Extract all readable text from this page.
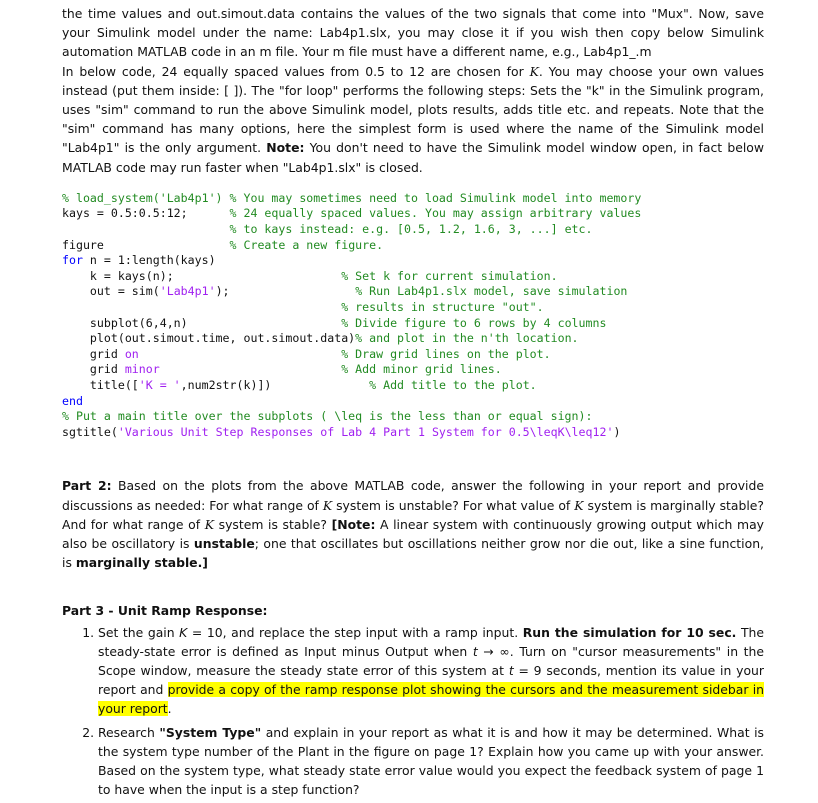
the time values and out.simout.data contains the values of the two signals that come into "Mux". Now, save your Simulink model under the name: Lab4p1.slx, you may close it if you wish then copy below Simulink automation MATLAB code in an m file. Your m file must have a different name, e.g., Lab4p1_.m

In below code, 24 equally spaced values from 0.5 to 12 are chosen for K. You may choose your own values instead (put them inside: [ ]). The "for loop" performs the following steps: Sets the "k" in the Simulink program, uses "sim" command to run the above Simulink model, plots results, adds title etc. and repeats. Note that the "sim" command has many options, here the simplest form is used where the name of the Simulink model "Lab4p1" is the only argument. Note: You don't need to have the Simulink model window open, in fact below MATLAB code may run faster when "Lab4p1.slx" is closed.

% load_system('Lab4p1') % You may sometimes need to load Simulink model into memory
kays = 0.5:0.5:12;      % 24 equally spaced values. You may assign arbitrary values
% to kays instead: e.g. [0.5, 1.2, 1.6, 3, ...] etc.
figure                  % Create a new figure.
for n = 1:length(kays)
k = kays(n);                        % Set k for current simulation.
out = sim('Lab4p1');                  % Run Lab4p1.slx model, save simulation
% results in structure "out".
subplot(6,4,n)                      % Divide figure to 6 rows by 4 columns
plot(out.simout.time, out.simout.data)% and plot in the n'th location.
grid on	% Draw grid lines on the plot.
grid minor	% Add minor grid lines.
title(['K = ',num2str(k)])              % Add title to the plot.
end
% Put a main title over the subplots ( \leq is the less than or equal sign):
sgtitle('Various Unit Step Responses of Lab 4 Part 1 System for 0.5\leqK\leq12')

Part 2: Based on the plots from the above MATLAB code, answer the following in your report and provide discussions as needed: For what range of K system is unstable? For what value of K system is marginally stable? And for what range of K system is stable? [Note: A linear system with continuously growing output which may also be oscillatory is unstable; one that oscillates but oscillations neither grow nor die out, like a sine function, is marginally stable.]

Part 3 - Unit Ramp Response:

1. Set the gain K = 10, and replace the step input with a ramp input. Run the simulation for 10 sec. The steady-state error is defined as Input minus Output when t → ∞. Turn on "cursor measurements" in the Scope window, measure the steady state error of this system at t = 9 seconds, mention its value in your report and provide a copy of the ramp response plot showing the cursors and the measurement sidebar in your report.
2. Research "System Type" and explain in your report as what it is and how it may be determined. What is the system type number of the Plant in the figure on page 1? Explain how you came up with your answer. Based on the system type, what steady state error value would you expect the feedback system of page 1 to have when the input is a step function?
